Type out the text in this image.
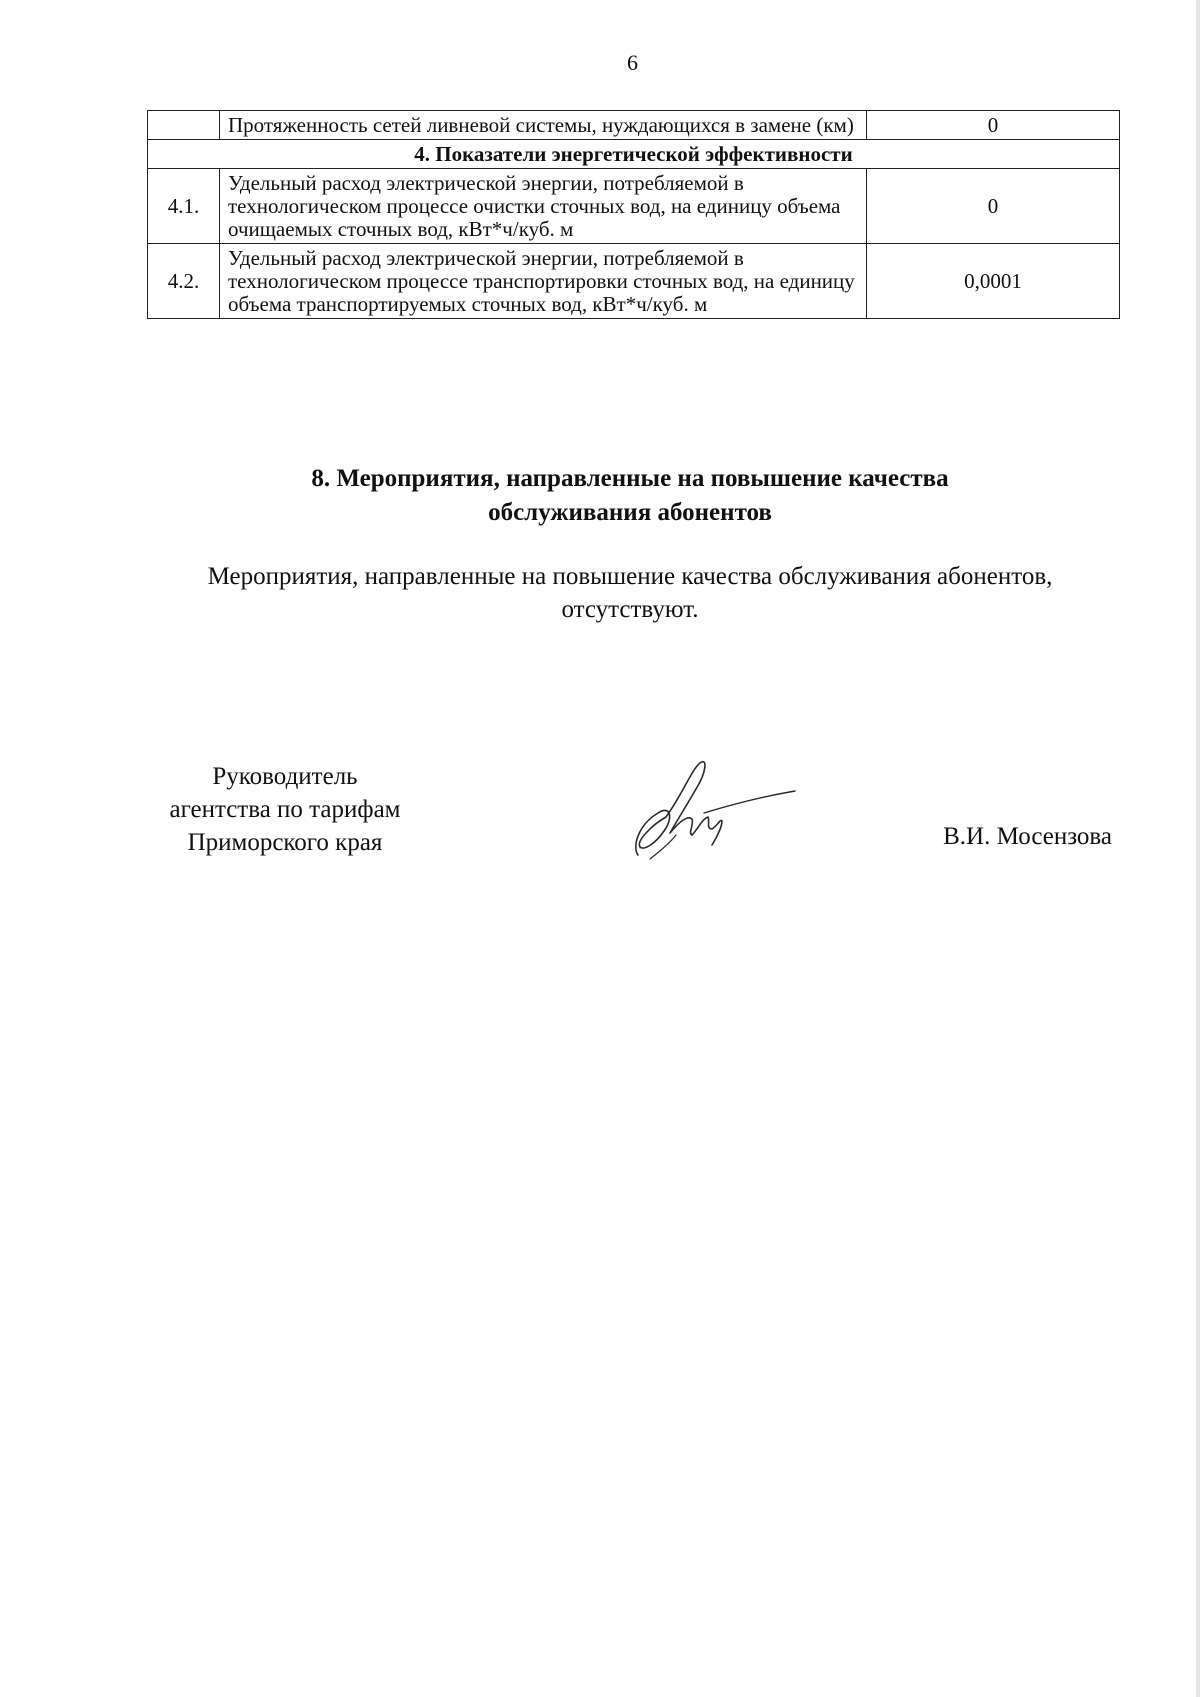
6
	Протяженность сетей ливневой системы, нуждающихся в замене (км)	0
4. Показатели энергетической эффективности		
4.1.	Удельный расход электрической энергии, потребляемой в технологическом процессе очистки сточных вод, на единицу объема очищаемых сточных вод, кВт*ч/куб. м	0
4.2.	Удельный расход электрической энергии, потребляемой в технологическом процессе транспортировки сточных вод, на единицу объема транспортируемых сточных вод, кВт*ч/куб. м	0,0001
8. Мероприятия, направленные на повышение качества
обслуживания абонентов
Мероприятия, направленные на повышение качества обслуживания абонентов,
отсутствуют.
Руководитель
агентства по тарифам
Приморского края	В.И. Мосензова
